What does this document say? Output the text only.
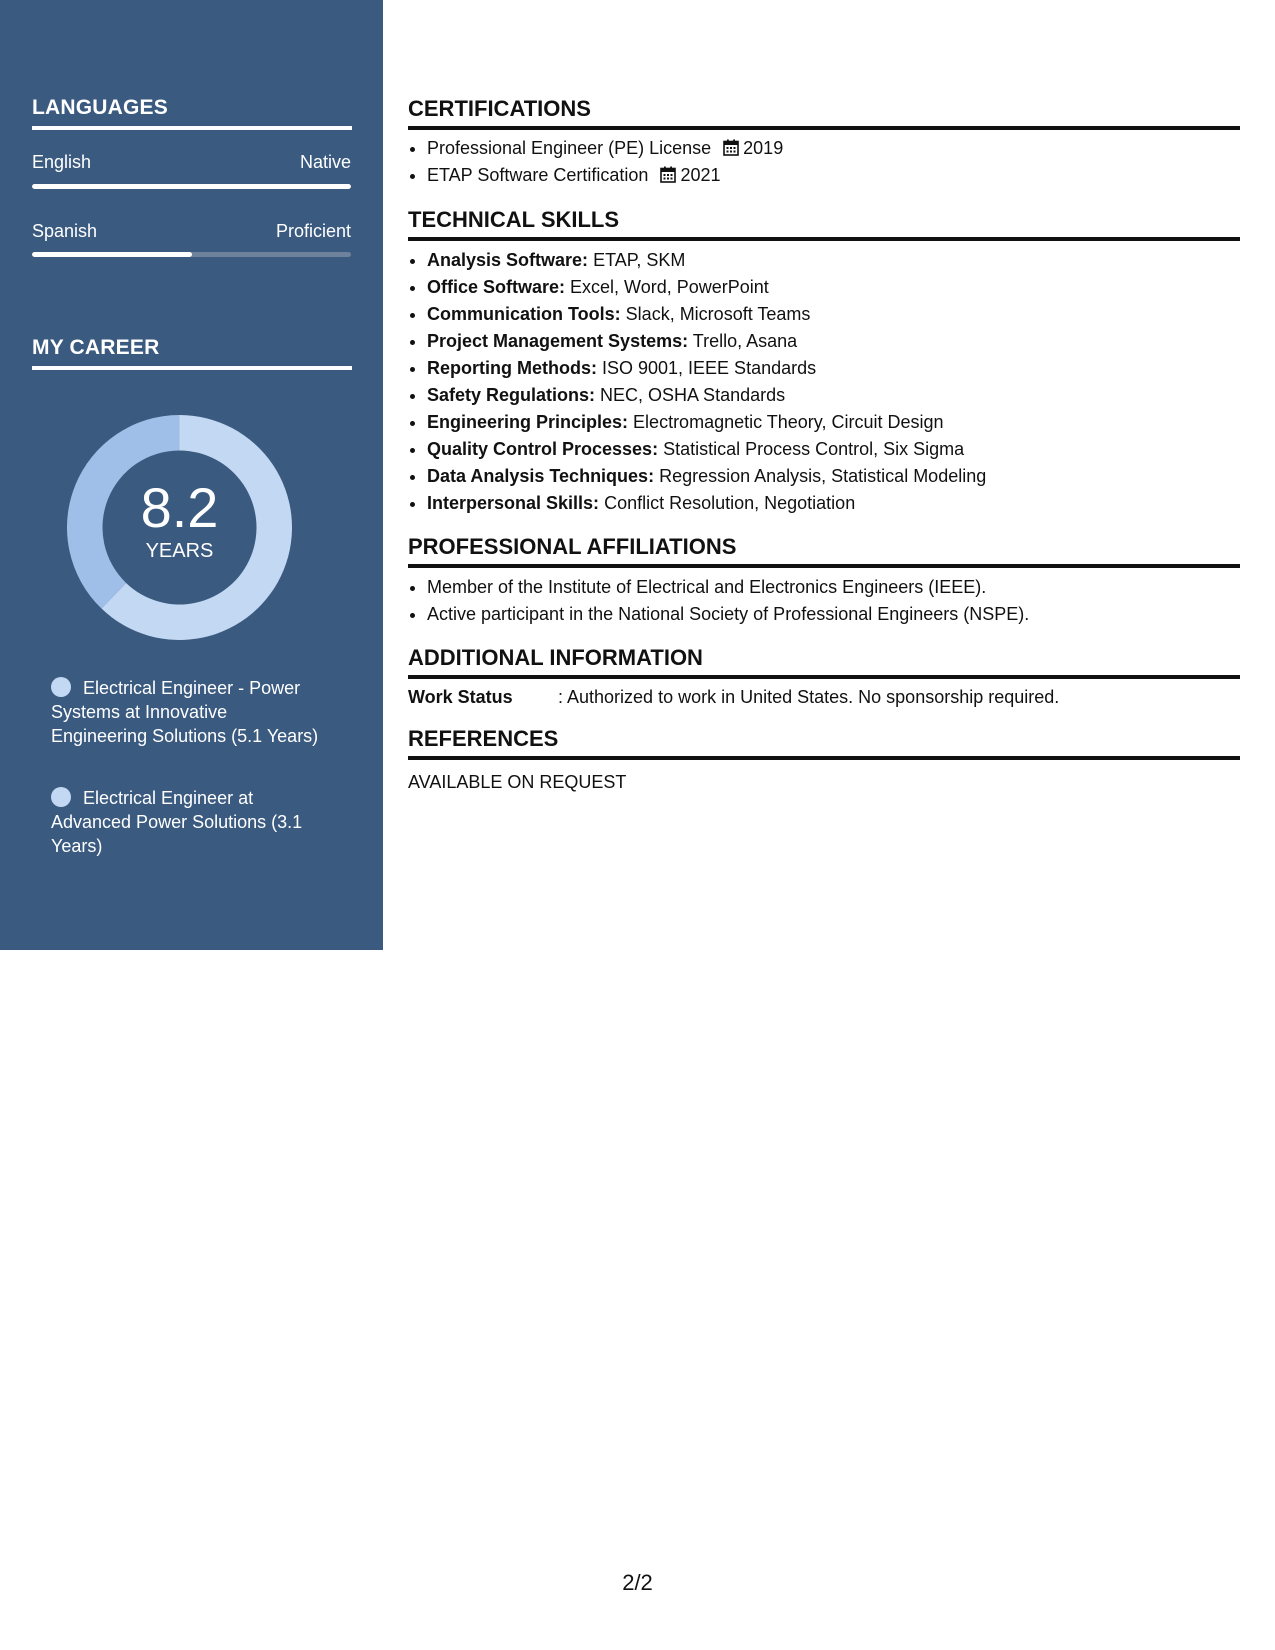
LANGUAGES
English	Native
Spanish	Proficient
MY CAREER
8.2
YEARS
Electrical Engineer - Power Systems at Innovative Engineering Solutions (5.1 Years)
Electrical Engineer at Advanced Power Solutions (3.1 Years)
CERTIFICATIONS
• Professional Engineer (PE) License 2019
• ETAP Software Certification 2021
TECHNICAL SKILLS
• Analysis Software: ETAP, SKM
• Office Software: Excel, Word, PowerPoint
• Communication Tools: Slack, Microsoft Teams
• Project Management Systems: Trello, Asana
• Reporting Methods: ISO 9001, IEEE Standards
• Safety Regulations: NEC, OSHA Standards
• Engineering Principles: Electromagnetic Theory, Circuit Design
• Quality Control Processes: Statistical Process Control, Six Sigma
• Data Analysis Techniques: Regression Analysis, Statistical Modeling
• Interpersonal Skills: Conflict Resolution, Negotiation
PROFESSIONAL AFFILIATIONS
• Member of the Institute of Electrical and Electronics Engineers (IEEE).
• Active participant in the National Society of Professional Engineers (NSPE).
ADDITIONAL INFORMATION
Work Status	: Authorized to work in United States. No sponsorship required.
REFERENCES
AVAILABLE ON REQUEST
2/2
